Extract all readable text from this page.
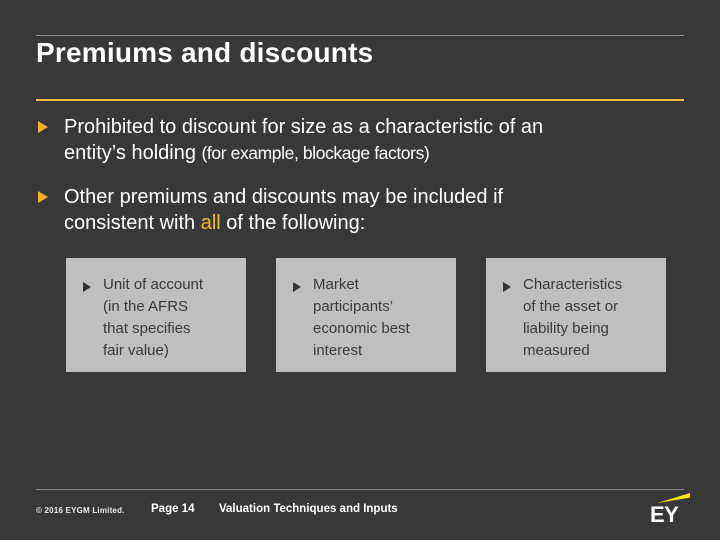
Premiums and discounts
Prohibited to discount for size as a characteristic of an
entity’s holding (for example, blockage factors)
Other premiums and discounts may be included if
consistent with all of the following:
Unit of account
(in the AFRS
that specifies
fair value)
Market
participants’
economic best
interest
Characteristics
of the asset or
liability being
measured
© 2016 EYGM Limited. Page 14 Valuation Techniques and Inputs	EY
